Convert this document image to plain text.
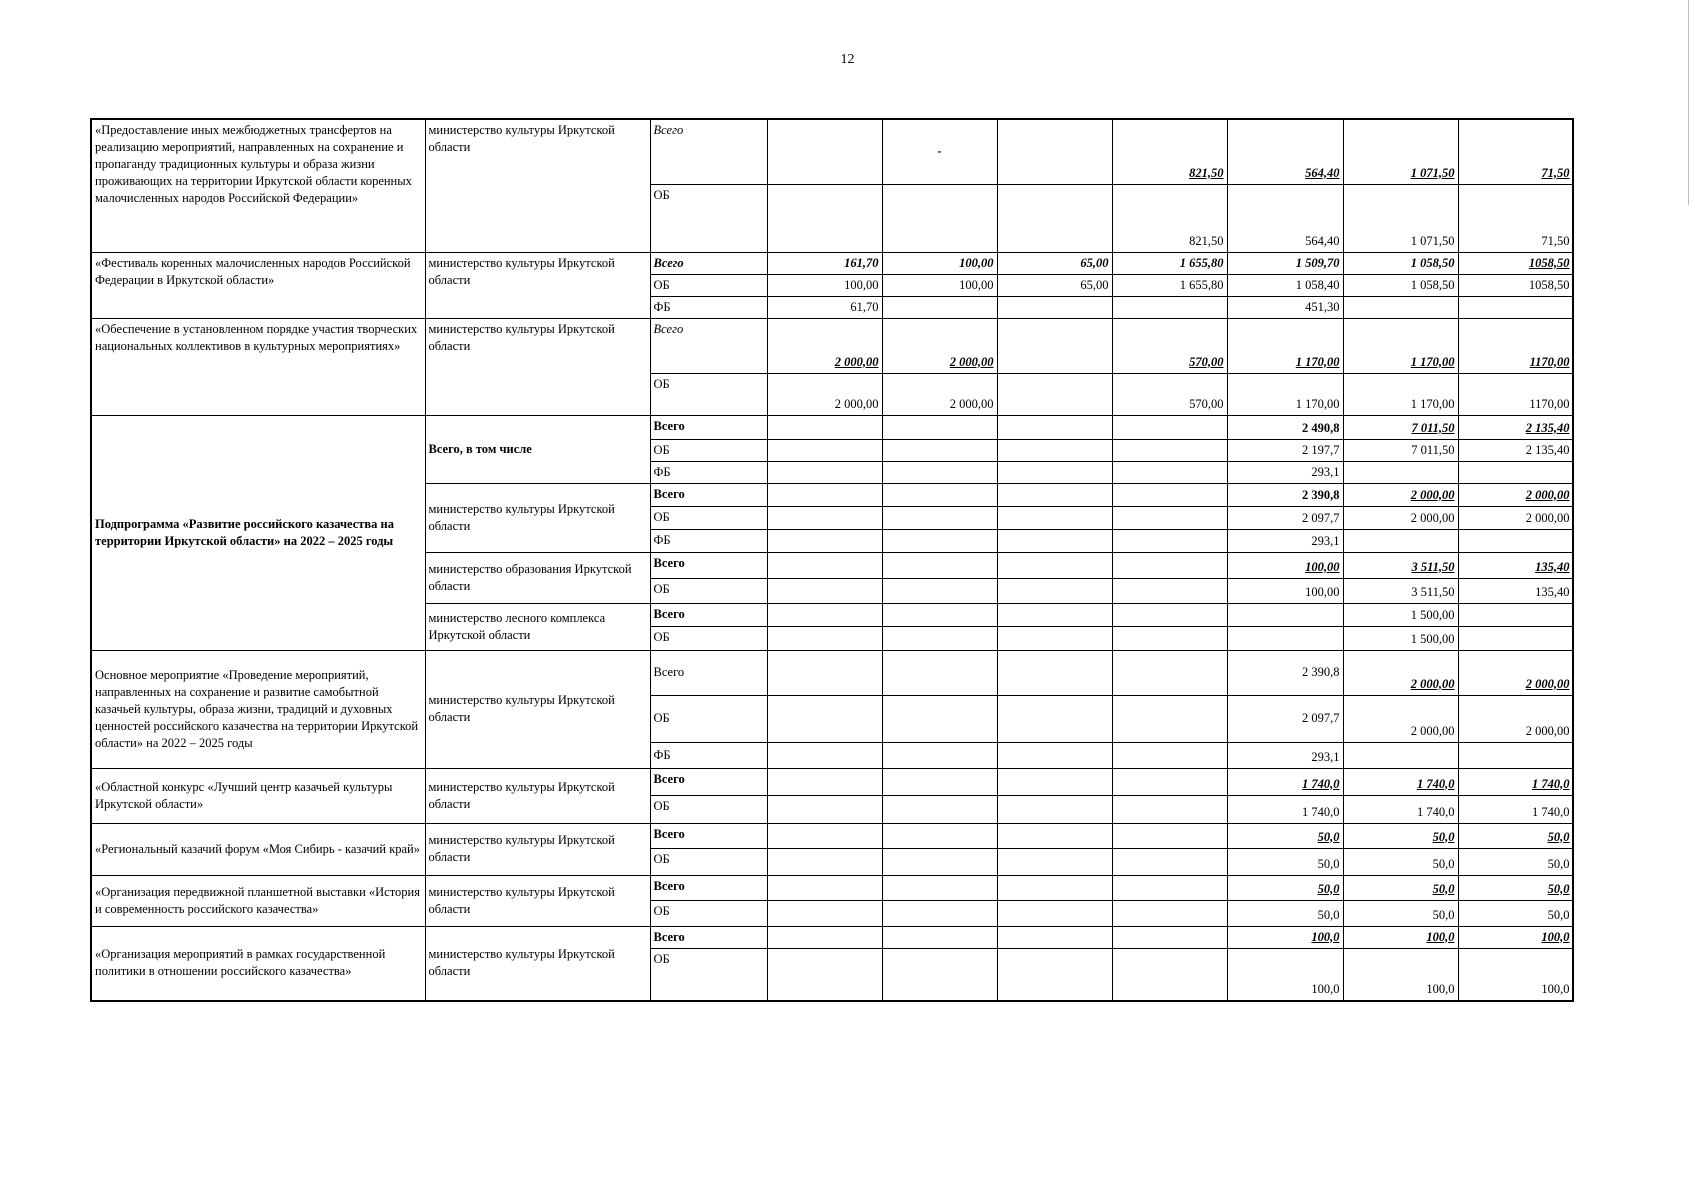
12
«Предоставление иных межбюджетных трансфертов на реализацию мероприятий, направленных на сохранение и пропаганду традиционных культуры и образа жизни проживающих на территории Иркутской области коренных малочисленных народов Российской Федерации»	министерство культуры Иркутской области	Всего		-		821,50	564,40	1 071,50	71,50	
		ОБ				821,50	564,40	1 071,50	71,50	
«Фестиваль коренных малочисленных народов Российской Федерации в Иркутской области»	министерство культуры Иркутской области	Всего	161,70	100,00	65,00	1 655,80	1 509,70	1 058,50	1058,50	
		ОБ	100,00	100,00	65,00	1 655,80	1 058,40	1 058,50	1058,50	
		ФБ	61,70				451,30			
«Обеспечение в установленном порядке участия творческих национальных коллективов в культурных мероприятиях»	министерство культуры Иркутской области	Всего	2 000,00	2 000,00		570,00	1 170,00	1 170,00	1170,00	
		ОБ	2 000,00	2 000,00		570,00	1 170,00	1 170,00	1170,00	
Подпрограмма «Развитие российского казачества на территории Иркутской области» на 2022 – 2025 годы	Всего, в том числе	Всего					2 490,8	7 011,50	2 135,40	
		ОБ					2 197,7	7 011,50	2 135,40	
		ФБ					293,1			
	министерство культуры Иркутской области	Всего					2 390,8	2 000,00	2 000,00	
		ОБ					2 097,7	2 000,00	2 000,00	
		ФБ					293,1			
	министерство образования Иркутской области	Всего					100,00	3 511,50	135,40	
		ОБ					100,00	3 511,50	135,40	
	министерство лесного комплекса Иркутской области	Всего						1 500,00		
		ОБ						1 500,00		
Основное мероприятие «Проведение мероприятий, направленных на сохранение и развитие самобытной казачьей культуры, образа жизни, традиций и духовных ценностей российского казачества на территории Иркутской области» на 2022 – 2025 годы	министерство культуры Иркутской области	Всего					2 390,8	2 000,00	2 000,00	
		ОБ					2 097,7	2 000,00	2 000,00	
		ФБ					293,1			
«Областной конкурс «Лучший центр казачьей культуры Иркутской области»	министерство культуры Иркутской области	Всего					1 740,0	1 740,0	1 740,0	
		ОБ					1 740,0	1 740,0	1 740,0	
«Региональный казачий форум «Моя Сибирь - казачий край»	министерство культуры Иркутской области	Всего					50,0	50,0	50,0	
		ОБ					50,0	50,0	50,0	
«Организация передвижной планшетной выставки «История и современность российского казачества»	министерство культуры Иркутской области	Всего					50,0	50,0	50,0	
		ОБ					50,0	50,0	50,0	
«Организация мероприятий в рамках государственной политики в отношении российского казачества»	министерство культуры Иркутской области	Всего					100,0	100,0	100,0	
		ОБ					100,0	100,0	100,0	
